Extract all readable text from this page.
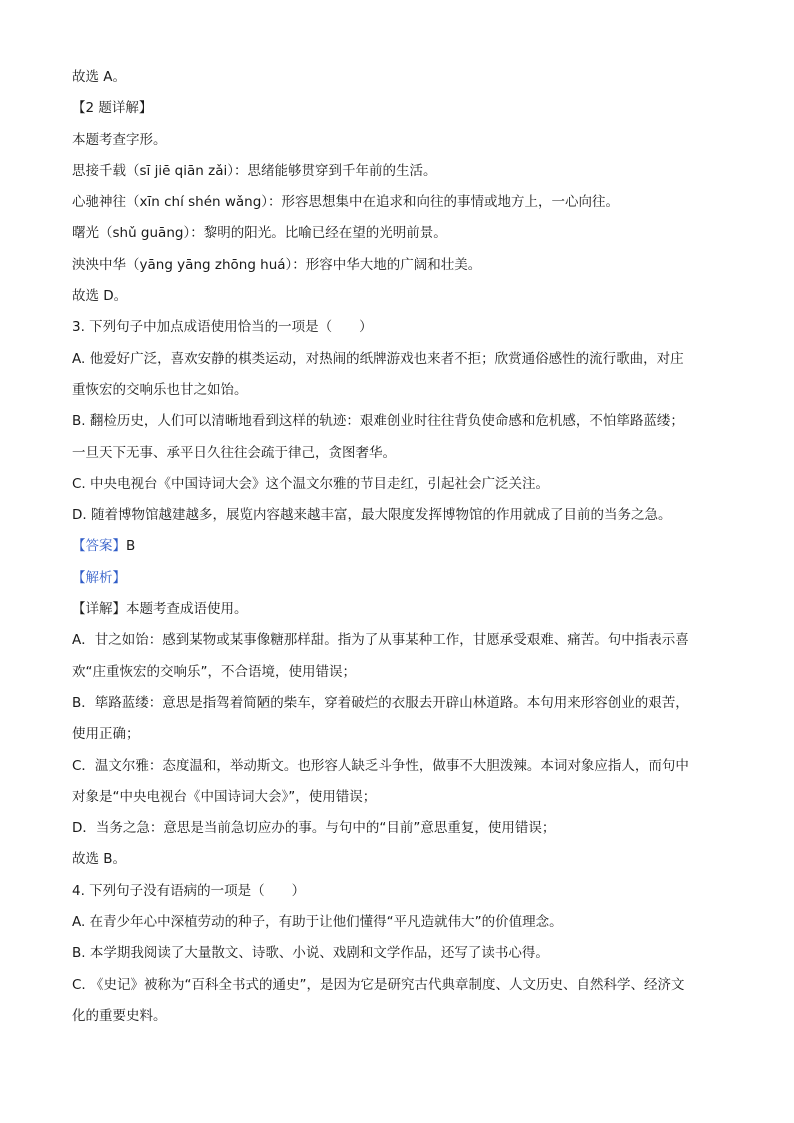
故选 A。
【2 题详解】
本题考查字形。
思接千载（sī jiē qiān zǎi）：思绪能够贯穿到千年前的生活。
心驰神往（xīn chí shén wǎng）：形容思想集中在追求和向往的事情或地方上，一心向往。
曙光（shǔ guāng）：黎明的阳光。比喻已经在望的光明前景。
泱泱中华（yāng yāng zhōng huá）：形容中华大地的广阔和壮美。
故选 D。
3. 下列句子中加点成语使用恰当的一项是（　　）
A. 他爱好广泛，喜欢安静的棋类运动，对热闹的纸牌游戏也来者不拒；欣赏通俗感性的流行歌曲，对庄
重恢宏的交响乐也甘之如饴。
B. 翻检历史，人们可以清晰地看到这样的轨迹：艰难创业时往往背负使命感和危机感，不怕筚路蓝缕；
一旦天下无事、承平日久往往会疏于律己，贪图奢华。
C. 中央电视台《中国诗词大会》这个温文尔雅的节目走红，引起社会广泛关注。
D. 随着博物馆越建越多，展览内容越来越丰富，最大限度发挥博物馆的作用就成了目前的当务之急。
【答案】B
【解析】
【详解】本题考查成语使用。
A．甘之如饴：感到某物或某事像糖那样甜。指为了从事某种工作，甘愿承受艰难、痛苦。句中指表示喜
欢“庄重恢宏的交响乐”，不合语境，使用错误；
B．筚路蓝缕：意思是指驾着简陋的柴车，穿着破烂的衣服去开辟山林道路。本句用来形容创业的艰苦，
使用正确；
C．温文尔雅：态度温和，举动斯文。也形容人缺乏斗争性，做事不大胆泼辣。本词对象应指人，而句中
对象是“中央电视台《中国诗词大会》”，使用错误；
D．当务之急：意思是当前急切应办的事。与句中的“目前”意思重复，使用错误；
故选 B。
4. 下列句子没有语病的一项是（　　）
A. 在青少年心中深植劳动的种子，有助于让他们懂得“平凡造就伟大”的价值理念。
B. 本学期我阅读了大量散文、诗歌、小说、戏剧和文学作品，还写了读书心得。
C. 《史记》被称为“百科全书式的通史”，是因为它是研究古代典章制度、人文历史、自然科学、经济文
化的重要史料。
